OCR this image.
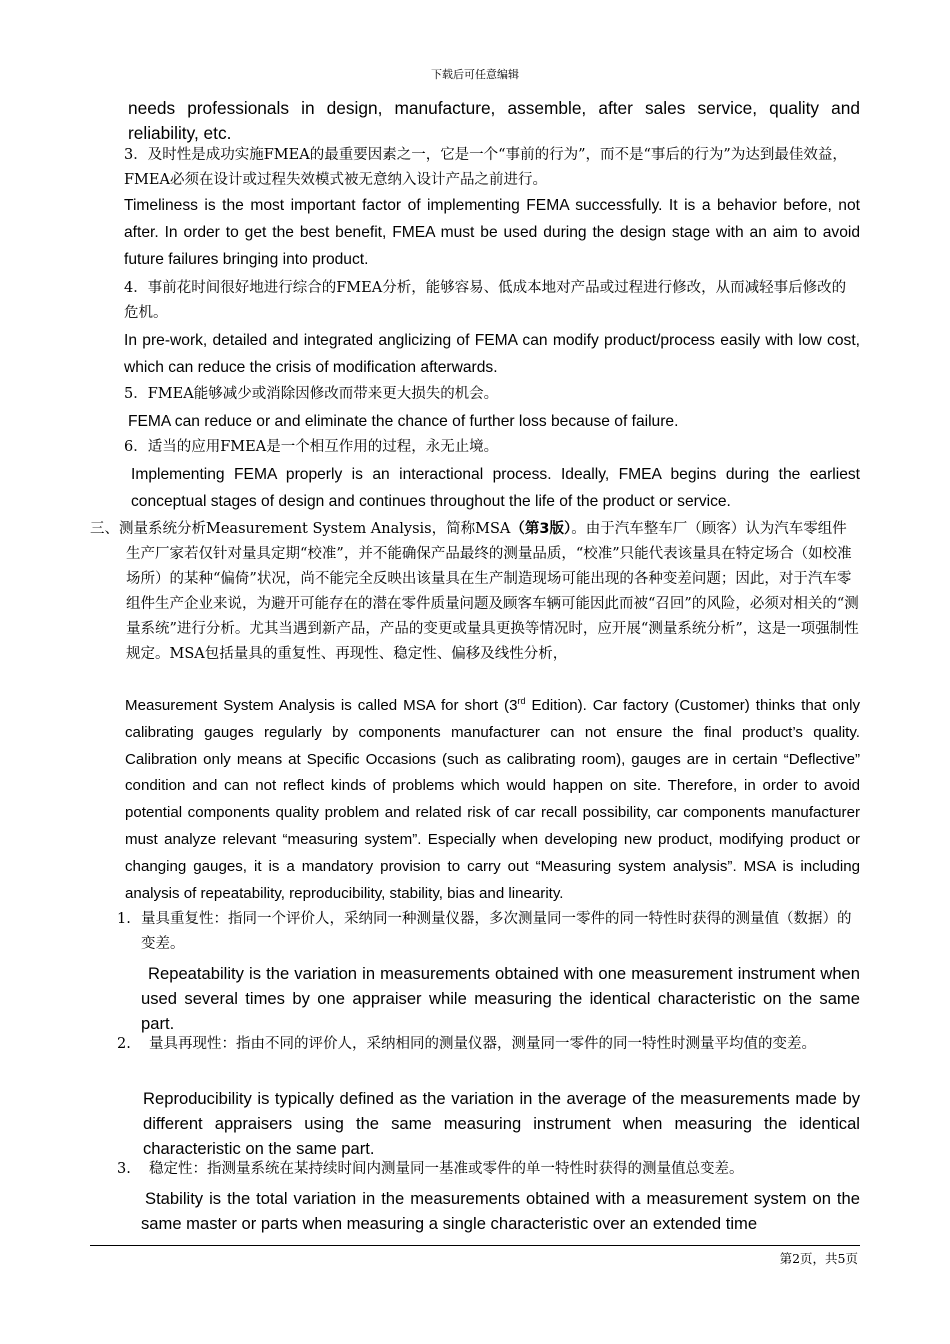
下载后可任意编辑

needs professionals in design, manufacture, assemble, after sales service, quality and reliability, etc.

3．及时性是成功实施FMEA的最重要因素之一，它是一个“事前的行为”，而不是“事后的行为”为达到最佳效益，FMEA必须在设计或过程失效模式被无意纳入设计产品之前进行。

Timeliness is the most important factor of implementing FEMA successfully. It is a behavior before, not after. In order to get the best benefit, FMEA must be used during the design stage with an aim to avoid future failures bringing into product.

4．事前花时间很好地进行综合的FMEA分析，能够容易、低成本地对产品或过程进行修改，从而减轻事后修改的危机。

In pre-work, detailed and integrated anglicizing of FEMA can modify product/process easily with low cost, which can reduce the crisis of modification afterwards.

5．FMEA能够减少或消除因修改而带来更大损失的机会。

FEMA can reduce or and eliminate the chance of further loss because of failure.

6．适当的应用FMEA是一个相互作用的过程，永无止境。

Implementing FEMA properly is an interactional process. Ideally, FMEA begins during the earliest conceptual stages of design and continues throughout the life of the product or service.

三、测量系统分析Measurement System Analysis，简称MSA（第3版）。由于汽车整车厂（顾客）认为汽车零组件生产厂家若仅针对量具定期“校准”，并不能确保产品最终的测量品质，“校准”只能代表该量具在特定场合（如校准场所）的某种“偏倚”状况，尚不能完全反映出该量具在生产制造现场可能出现的各种变差问题；因此，对于汽车零组件生产企业来说，为避开可能存在的潜在零件质量问题及顾客车辆可能因此而被“召回”的风险，必须对相关的“测量系统”进行分析。尤其当遇到新产品，产品的变更或量具更换等情况时，应开展“测量系统分析”，这是一项强制性规定。MSA包括量具的重复性、再现性、稳定性、偏移及线性分析，

Measurement System Analysis is called MSA for short (3rd Edition). Car factory (Customer) thinks that only calibrating gauges regularly by components manufacturer can not ensure the final product’s quality. Calibration only means at Specific Occasions (such as calibrating room), gauges are in certain “Deflective” condition and can not reflect kinds of problems which would happen on site. Therefore, in order to avoid potential components quality problem and related risk of car recall possibility, car components manufacturer must analyze relevant “measuring system”. Especially when developing new product, modifying product or changing gauges, it is a mandatory provision to carry out “Measuring system analysis”. MSA is including analysis of repeatability, reproducibility, stability, bias and linearity.

1. 量具重复性：指同一个评价人，采纳同一种测量仪器，多次测量同一零件的同一特性时获得的测量值（数据）的变差。

Repeatability is the variation in measurements obtained with one measurement instrument when used several times by one appraiser while measuring the identical characteristic on the same part.

2.	量具再现性：指由不同的评价人，采纳相同的测量仪器，测量同一零件的同一特性时测量平均值的变差。

Reproducibility is typically defined as the variation in the average of the measurements made by different appraisers using the same measuring instrument when measuring the identical characteristic on the same part.

3.	稳定性：指测量系统在某持续时间内测量同一基准或零件的单一特性时获得的测量值总变差。

Stability is the total variation in the measurements obtained with a measurement system on the same master or parts when measuring a single characteristic over an extended time

第2页，共5页
